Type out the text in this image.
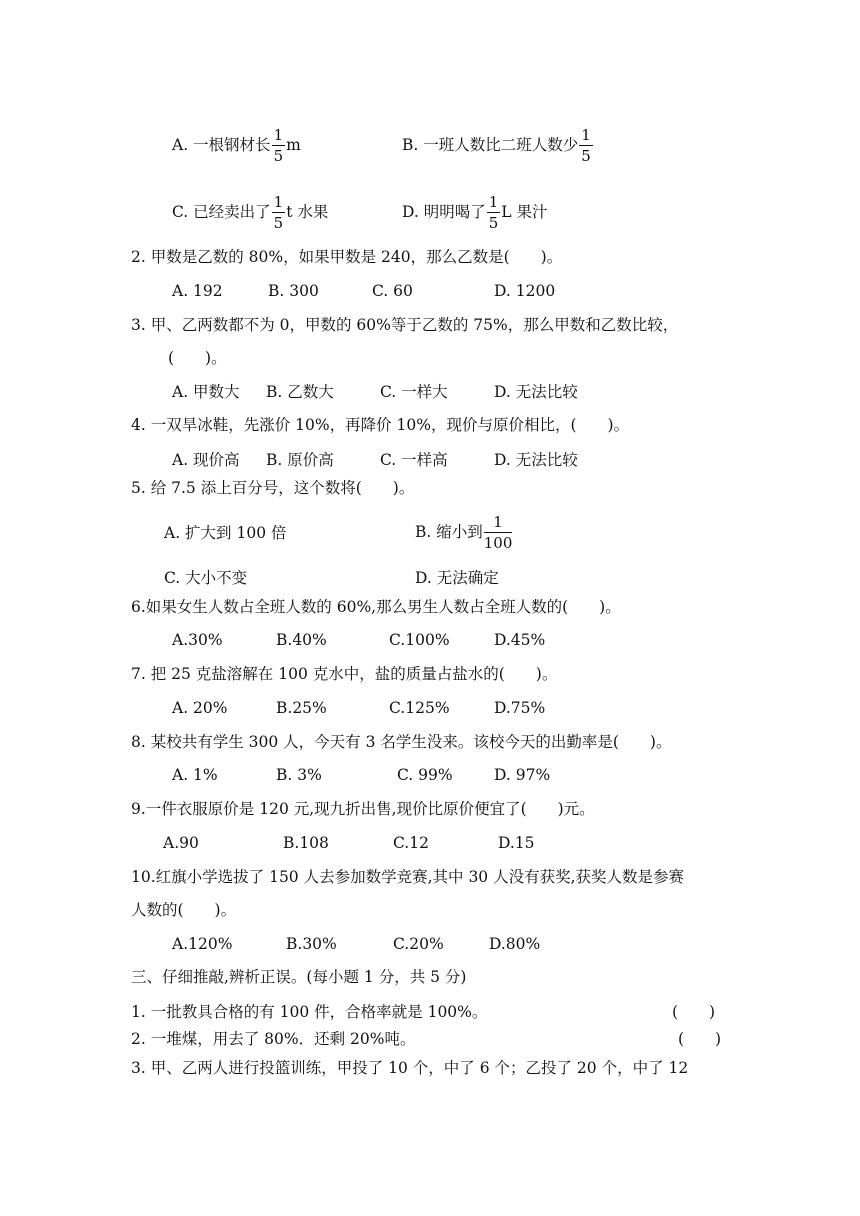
A. 一根钢材长 $\frac{1}{5}$ m	B. 一班人数比二班人数少 $\frac{1}{5}$
C. 已经卖出了 $\frac{1}{5}$ t 水果	D. 明明喝了 $\frac{1}{5}$ L 果汁
2. 甲数是乙数的 80%，如果甲数是 240，那么乙数是(　　)。
A. 192	B. 300	C. 60	D. 1200
3. 甲、乙两数都不为 0，甲数的 60%等于乙数的 75%，那么甲数和乙数比较，
(　　)。
A. 甲数大 B. 乙数大	C. 一样大	D. 无法比较
4. 一双旱冰鞋，先涨价 10%，再降价 10%，现价与原价相比，(　　)。
A. 现价高 B. 原价高	C. 一样高	D. 无法比较
5. 给 7.5 添上百分号，这个数将(　　)。
A. 扩大到 100 倍	B. 缩小到 $\frac{1}{100}$
C. 大小不变	D. 无法确定
6.如果女生人数占全班人数的 60%,那么男生人数占全班人数的(　　)。
A.30%	B.40%	C.100%	D.45%
7. 把 25 克盐溶解在 100 克水中，盐的质量占盐水的(　　)。
A. 20%	B.25%	C.125%	D.75%
8. 某校共有学生 300 人，今天有 3 名学生没来。该校今天的出勤率是(　　)。
A. 1%	B. 3%	C. 99%	D. 97%
9.一件衣服原价是 120 元,现九折出售,现价比原价便宜了(　　)元。
A.90	B.108	C.12	D.15
10.红旗小学选拔了 150 人去参加数学竞赛,其中 30 人没有获奖,获奖人数是参赛
人数的(　　)。
A.120%	B.30%	C.20%	D.80%
三、仔细推敲,辨析正误。(每小题 1 分，共 5 分)
1. 一批教具合格的有 100 件，合格率就是 100%。	(　　)
2. 一堆煤，用去了 80%．还剩 20%吨。	(　　)
3. 甲、乙两人进行投篮训练，甲投了 10 个，中了 6 个；乙投了 20 个，中了 12
